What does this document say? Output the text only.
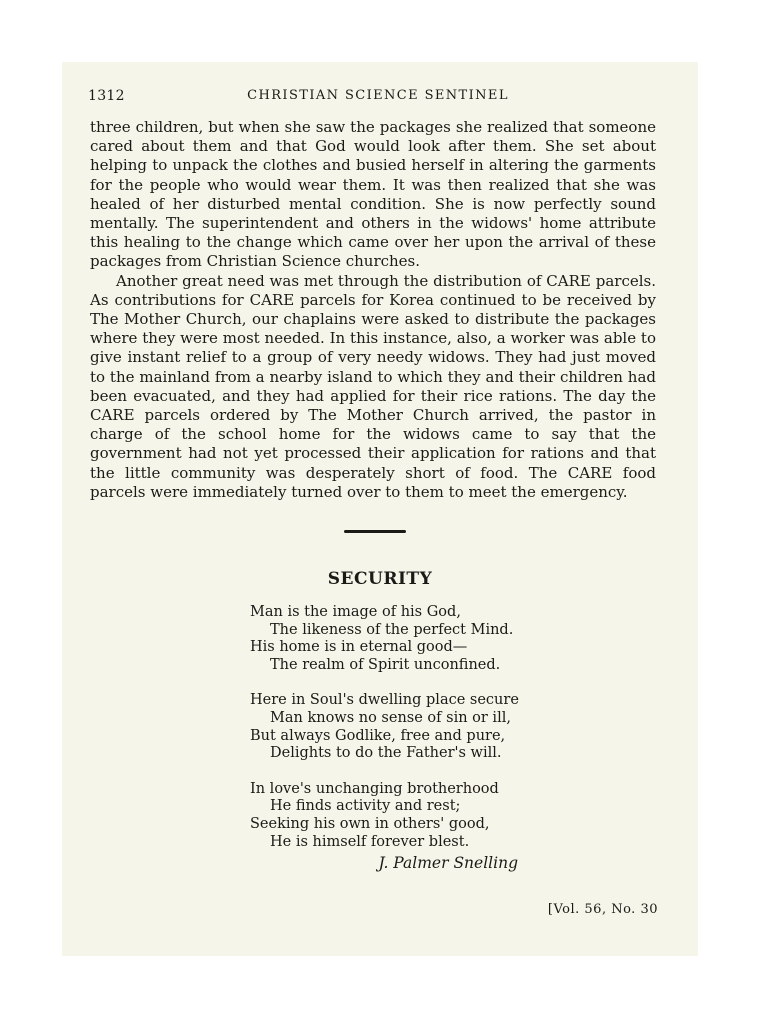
1312	CHRISTIAN SCIENCE SENTINEL

three children, but when she saw the packages she realized that someone cared about them and that God would look after them. She set about helping to unpack the clothes and busied herself in altering the garments for the people who would wear them. It was then realized that she was healed of her disturbed mental condition. She is now perfectly sound mentally. The superintendent and others in the widows' home attribute this healing to the change which came over her upon the arrival of these packages from Christian Science churches.

Another great need was met through the distribution of CARE parcels. As contributions for CARE parcels for Korea continued to be received by The Mother Church, our chaplains were asked to distribute the packages where they were most needed. In this instance, also, a worker was able to give instant relief to a group of very needy widows. They had just moved to the mainland from a nearby island to which they and their children had been evacuated, and they had applied for their rice rations. The day the CARE parcels ordered by The Mother Church arrived, the pastor in charge of the school home for the widows came to say that the government had not yet processed their application for rations and that the little community was desperately short of food. The CARE food parcels were immediately turned over to them to meet the emergency.

SECURITY
Man is the image of his God,
The likeness of the perfect Mind.
His home is in eternal good—
The realm of Spirit unconfined.
Here in Soul's dwelling place secure
Man knows no sense of sin or ill,
But always Godlike, free and pure,
Delights to do the Father's will.
In love's unchanging brotherhood
He finds activity and rest;
Seeking his own in others' good,
He is himself forever blest.
J. Palmer Snelling
[Vol. 56, No. 30
